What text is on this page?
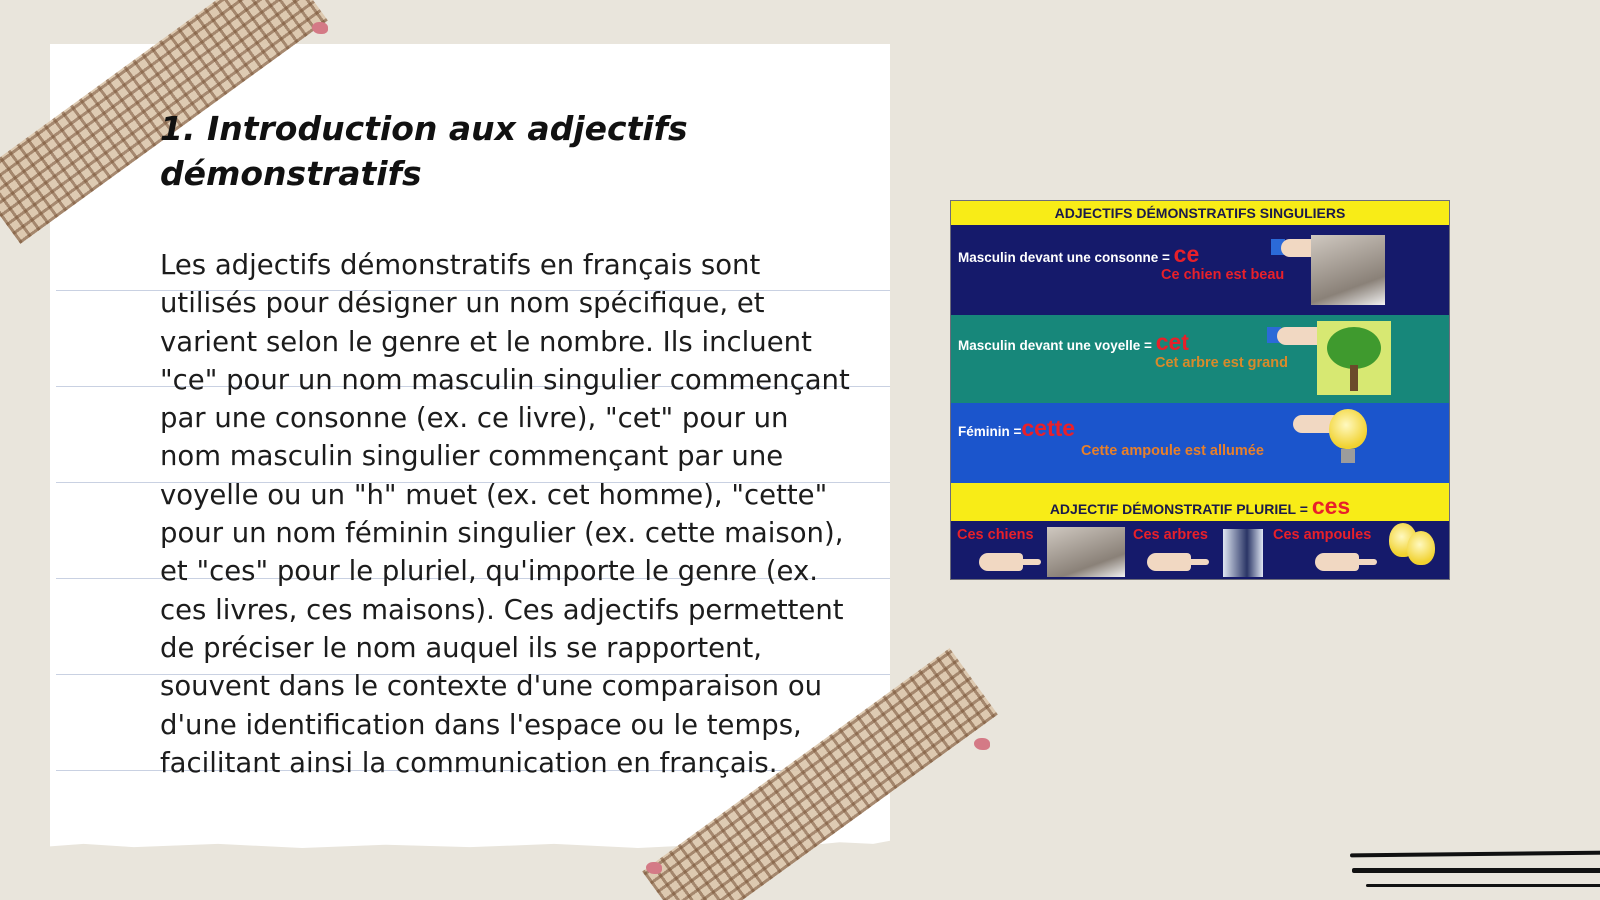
1. Introduction aux adjectifs démonstratifs
Les adjectifs démonstratifs en français sont utilisés pour désigner un nom spécifique, et varient selon le genre et le nombre. Ils incluent "ce" pour un nom masculin singulier commençant par une consonne (ex. ce livre), "cet" pour un nom masculin singulier commençant par une voyelle ou un "h" muet (ex. cet homme), "cette" pour un nom féminin singulier (ex. cette maison), et "ces" pour le pluriel, qu'importe le genre (ex. ces livres, ces maisons). Ces adjectifs permettent de préciser le nom auquel ils se rapportent, souvent dans le contexte d'une comparaison ou d'une identification dans l'espace ou le temps, facilitant ainsi la communication en français.
ADJECTIFS DÉMONSTRATIFS SINGULIERS
Masculin devant une consonne = ce
Ce chien est beau
Masculin devant une voyelle = cet
Cet arbre est grand
Féminin =cette
Cette ampoule est allumée
ADJECTIF DÉMONSTRATIF PLURIEL = ces
Ces chiens	Ces arbres	Ces ampoules
